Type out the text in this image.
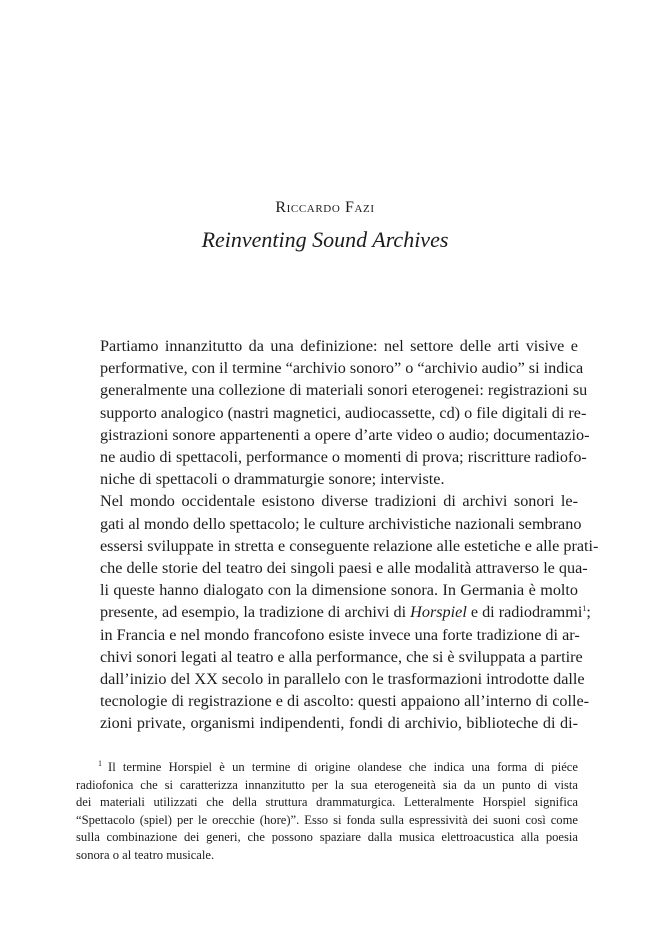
Riccardo Fazi
Reinventing Sound Archives

Partiamo innanzitutto da una definizione: nel settore delle arti visive e
performative, con il termine “archivio sonoro” o “archivio audio” si indica
generalmente una collezione di materiali sonori eterogenei: registrazioni su
supporto analogico (nastri magnetici, audiocassette, cd) o file digitali di re-
gistrazioni sonore appartenenti a opere d’arte video o audio; documentazio-
ne audio di spettacoli, performance o momenti di prova; riscritture radiofo-
niche di spettacoli o drammaturgie sonore; interviste.

Nel mondo occidentale esistono diverse tradizioni di archivi sonori le-
gati al mondo dello spettacolo; le culture archivistiche nazionali sembrano
essersi sviluppate in stretta e conseguente relazione alle estetiche e alle prati-
che delle storie del teatro dei singoli paesi e alle modalità attraverso le qua-
li queste hanno dialogato con la dimensione sonora. In Germania è molto
presente, ad esempio, la tradizione di archivi di Horspiel e di radiodrammi$^1$;
in Francia e nel mondo francofono esiste invece una forte tradizione di ar-
chivi sonori legati al teatro e alla performance, che si è sviluppata a partire
dall’inizio del XX secolo in parallelo con le trasformazioni introdotte dalle
tecnologie di registrazione e di ascolto: questi appaiono all’interno di colle-
zioni private, organismi indipendenti, fondi di archivio, biblioteche di di-

$^1$ Il termine Horspiel è un termine di origine olandese che indica una forma di piéce
radiofonica che si caratterizza innanzitutto per la sua eterogeneità sia da un punto di vista
dei materiali utilizzati che della struttura drammaturgica. Letteralmente Horspiel significa
“Spettacolo (spiel) per le orecchie (hore)”. Esso si fonda sulla espressività dei suoni così come
sulla combinazione dei generi, che possono spaziare dalla musica elettroacustica alla poesia
sonora o al teatro musicale.
